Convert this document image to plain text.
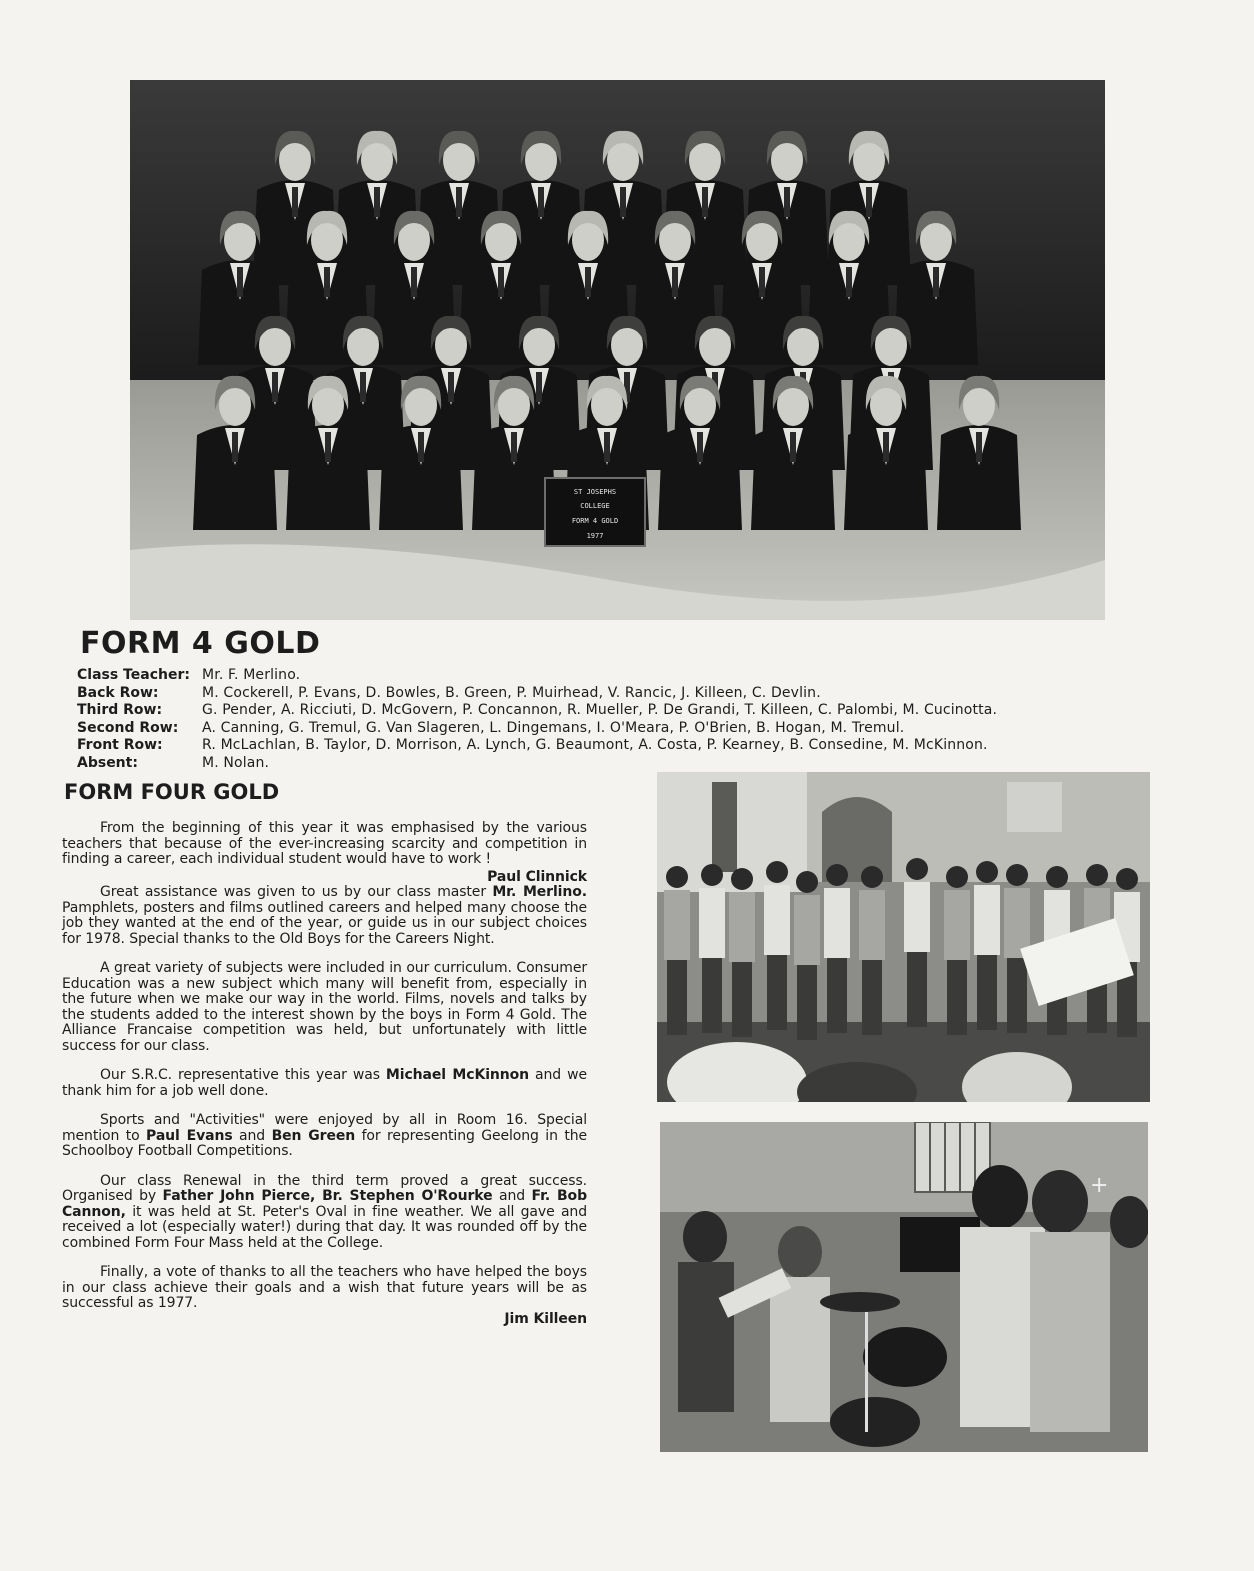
ST JOSEPHS
COLLEGE
FORM 4 GOLD
1977
FORM 4 GOLD
Class Teacher: Mr. F. Merlino.
Back Row:	M. Cockerell, P. Evans, D. Bowles, B. Green, P. Muirhead, V. Rancic, J. Killeen, C. Devlin.
Third Row:	G. Pender, A. Ricciuti, D. McGovern, P. Concannon, R. Mueller, P. De Grandi, T. Killeen, C. Palombi, M. Cucinotta.
Second Row:	A. Canning, G. Tremul, G. Van Slageren, L. Dingemans, I. O'Meara, P. O'Brien, B. Hogan, M. Tremul.
Front Row:	R. McLachlan, B. Taylor, D. Morrison, A. Lynch, G. Beaumont, A. Costa, P. Kearney, B. Consedine, M. McKinnon.
Absent:	M. Nolan.
FORM FOUR GOLD

From the beginning of this year it was emphasised by the various teachers that because of the ever-increasing scarcity and competition in finding a career, each individual student would have to work !

Paul Clinnick

Great assistance was given to us by our class master Mr. Merlino. Pamphlets, posters and films outlined careers and helped many choose the job they wanted at the end of the year, or guide us in our subject choices for 1978. Special thanks to the Old Boys for the Careers Night.

A great variety of subjects were included in our curriculum. Consumer Education was a new subject which many will benefit from, especially in the future when we make our way in the world. Films, novels and talks by the students added to the interest shown by the boys in Form 4 Gold. The Alliance Francaise competition was held, but unfortunately with little success for our class.

Our S.R.C. representative this year was Michael McKinnon and we thank him for a job well done.

Sports and "Activities" were enjoyed by all in Room 16. Special mention to Paul Evans and Ben Green for representing Geelong in the Schoolboy Football Competitions.

Our class Renewal in the third term proved a great success. Organised by Father John Pierce, Br. Stephen O'Rourke and Fr. Bob Cannon, it was held at St. Peter's Oval in fine weather. We all gave and received a lot (especially water!) during that day. It was rounded off by the combined Form Four Mass held at the College.

Finally, a vote of thanks to all the teachers who have helped the boys in our class achieve their goals and a wish that future years will be as successful as 1977.

Jim Killeen

+
